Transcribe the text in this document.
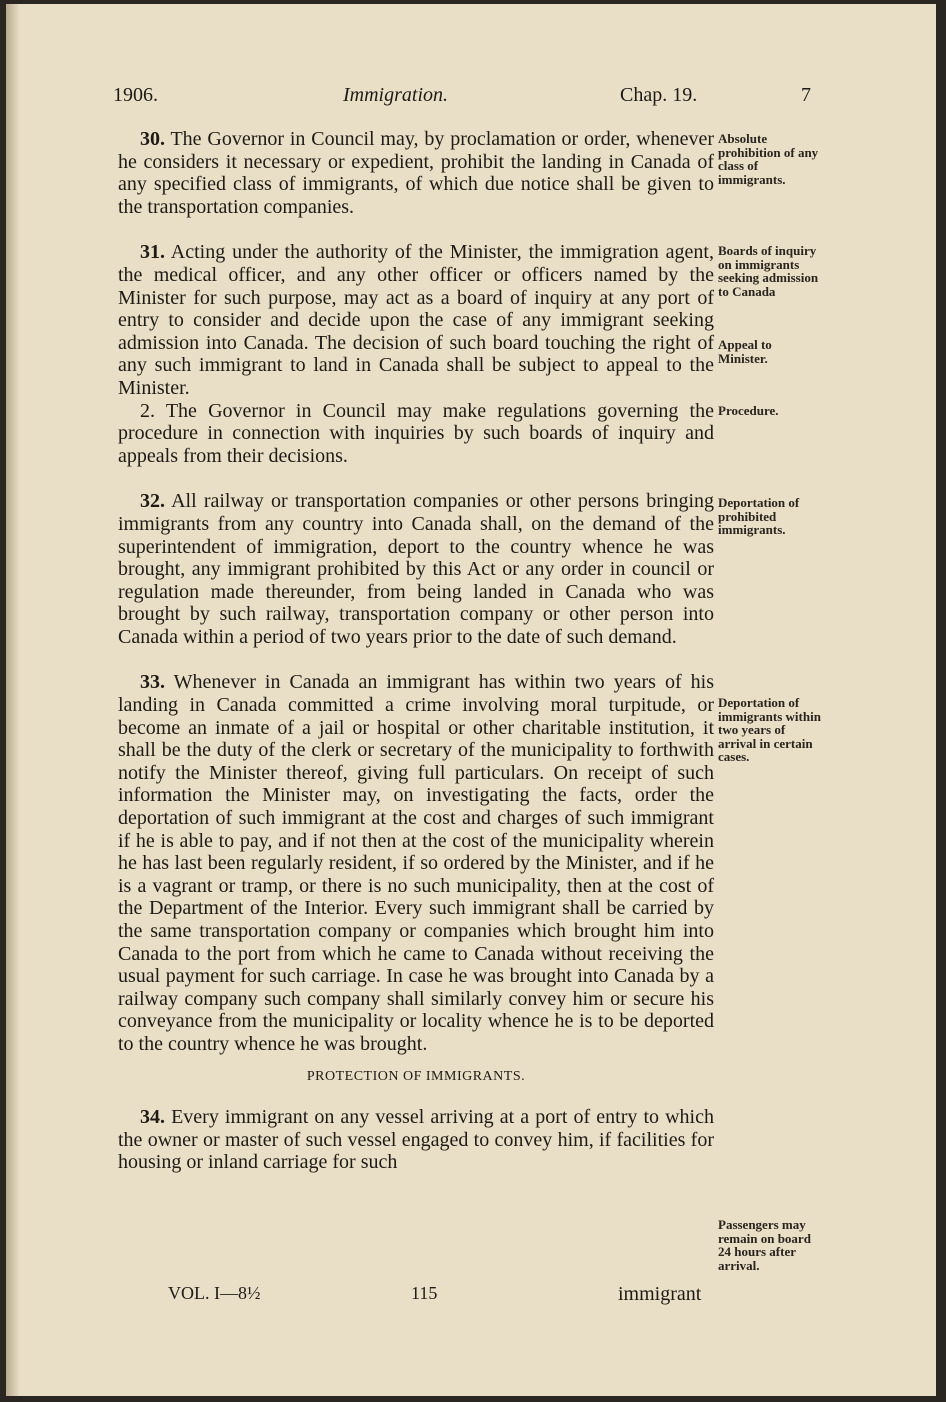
1906.	Immigration.	Chap. 19.	7

30. The Governor in Council may, by proclamation or order, whenever he considers it necessary or expedient, prohibit the landing in Canada of any specified class of immigrants, of which due notice shall be given to the transportation companies.

31. Acting under the authority of the Minister, the immigration agent, the medical officer, and any other officer or officers named by the Minister for such purpose, may act as a board of inquiry at any port of entry to consider and decide upon the case of any immigrant seeking admission into Canada. The decision of such board touching the right of any such immigrant to land in Canada shall be subject to appeal to the Minister.

2. The Governor in Council may make regulations governing the procedure in connection with inquiries by such boards of inquiry and appeals from their decisions.

32. All railway or transportation companies or other persons bringing immigrants from any country into Canada shall, on the demand of the superintendent of immigration, deport to the country whence he was brought, any immigrant prohibited by this Act or any order in council or regulation made thereunder, from being landed in Canada who was brought by such railway, transportation company or other person into Canada within a period of two years prior to the date of such demand.

33. Whenever in Canada an immigrant has within two years of his landing in Canada committed a crime involving moral turpitude, or become an inmate of a jail or hospital or other charitable institution, it shall be the duty of the clerk or secretary of the municipality to forthwith notify the Minister thereof, giving full particulars. On receipt of such information the Minister may, on investigating the facts, order the deportation of such immigrant at the cost and charges of such immigrant if he is able to pay, and if not then at the cost of the municipality wherein he has last been regularly resident, if so ordered by the Minister, and if he is a vagrant or tramp, or there is no such municipality, then at the cost of the Department of the Interior. Every such immigrant shall be carried by the same transportation company or companies which brought him into Canada to the port from which he came to Canada without receiving the usual payment for such carriage. In case he was brought into Canada by a railway company such company shall similarly convey him or secure his conveyance from the municipality or locality whence he is to be deported to the country whence he was brought.

PROTECTION OF IMMIGRANTS.

34. Every immigrant on any vessel arriving at a port of entry to which the owner or master of such vessel engaged to convey him, if facilities for housing or inland carriage for such

Absolute prohibition of any class of immigrants.
Boards of inquiry on immigrants seeking admission to Canada
Appeal to Minister.
Procedure.
Deportation of prohibited immigrants.
Deportation of immigrants within two years of arrival in certain cases.
Passengers may remain on board 24 hours after arrival.
VOL. I—8½	115	immigrant
